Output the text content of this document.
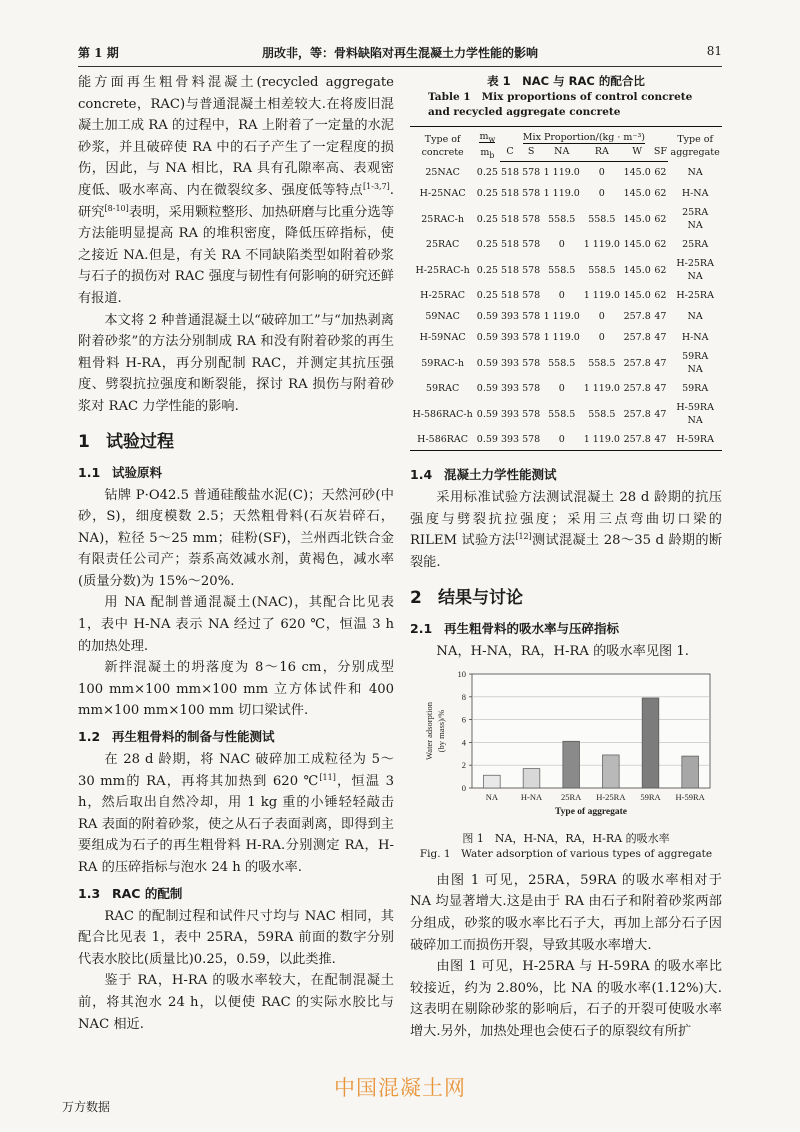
第 1 期	朋改非，等：骨料缺陷对再生混凝土力学性能的影响	81

能方面再生粗骨料混凝土(recycled aggregate concrete，RAC)与普通混凝土相差较大.在将废旧混凝土加工成 RA 的过程中，RA 上附着了一定量的水泥砂浆，并且破碎使 RA 中的石子产生了一定程度的损伤，因此，与 NA 相比，RA 具有孔隙率高、表观密度低、吸水率高、内在微裂纹多、强度低等特点[1-3,7].研究[8-10]表明，采用颗粒整形、加热研磨与比重分选等方法能明显提高 RA 的堆积密度，降低压碎指标，使之接近 NA.但是，有关 RA 不同缺陷类型如附着砂浆与石子的损伤对 RAC 强度与韧性有何影响的研究还鲜有报道.

本文将 2 种普通混凝土以“破碎加工”与“加热剥离附着砂浆”的方法分别制成 RA 和没有附着砂浆的再生粗骨料 H-RA，再分别配制 RAC，并测定其抗压强度、劈裂抗拉强度和断裂能，探讨 RA 损伤与附着砂浆对 RAC 力学性能的影响.

1 试验过程
1.1 试验原料

钻牌 P·O42.5 普通硅酸盐水泥(C)；天然河砂(中砂，S)，细度模数 2.5；天然粗骨料(石灰岩碎石，NA)，粒径 5～25 mm；硅粉(SF)，兰州西北铁合金有限责任公司产；萘系高效减水剂，黄褐色，减水率(质量分数)为 15%～20%.

用 NA 配制普通混凝土(NAC)，其配合比见表 1，表中 H-NA 表示 NA 经过了 620 ℃，恒温 3 h 的加热处理.

新拌混凝土的坍落度为 8～16 cm，分别成型 100 mm×100 mm×100 mm 立方体试件和 400 mm×100 mm×100 mm 切口梁试件.

1.2 再生粗骨料的制备与性能测试

在 28 d 龄期，将 NAC 破碎加工成粒径为 5～30 mm的 RA，再将其加热到 620 ℃[11]，恒温 3 h，然后取出自然冷却，用 1 kg 重的小锤轻轻敲击 RA 表面的附着砂浆，使之从石子表面剥离，即得到主要组成为石子的再生粗骨料 H-RA.分别测定 RA，H-RA 的压碎指标与泡水 24 h 的吸水率.

1.3 RAC 的配制

RAC 的配制过程和试件尺寸均与 NAC 相同，其配合比见表 1，表中 25RA，59RA 前面的数字分别代表水胶比(质量比)0.25，0.59，以此类推.

鉴于 RA，H-RA 的吸水率较大，在配制混凝土前，将其泡水 24 h，以便使 RAC 的实际水胶比与 NAC 相近.

表 1　NAC 与 RAC 的配合比
Table 1 Mix proportions of control concrete and recycled aggregate concrete
Type of
concrete	$m_w$
$m_b$	Mix Proportion/(kg · m⁻³)						Type of
aggregate
		C	S	NA	RA	W	SF	
25NAC	0.25	518	578	1 119.0	0	145.0	62	NA
H-25NAC	0.25	518	578	1 119.0	0	145.0	62	H-NA
25RAC-h	0.25	518	578	558.5	558.5	145.0	62	25RA
NA
25RAC	0.25	518	578	0	1 119.0	145.0	62	25RA
H-25RAC-h	0.25	518	578	558.5	558.5	145.0	62	H-25RA
NA
H-25RAC	0.25	518	578	0	1 119.0	145.0	62	H-25RA
59NAC	0.59	393	578	1 119.0	0	257.8	47	NA
H-59NAC	0.59	393	578	1 119.0	0	257.8	47	H-NA
59RAC-h	0.59	393	578	558.5	558.5	257.8	47	59RA
NA
59RAC	0.59	393	578	0	1 119.0	257.8	47	59RA
H-586RAC-h	0.59	393	578	558.5	558.5	257.8	47	H-59RA
NA
H-586RAC	0.59	393	578	0	1 119.0	257.8	47	H-59RA
1.4 混凝土力学性能测试

采用标准试验方法测试混凝土 28 d 龄期的抗压强度与劈裂抗拉强度；采用三点弯曲切口梁的 RILEM 试验方法[12]测试混凝土 28～35 d 龄期的断裂能.

2 结果与讨论
2.1 再生粗骨料的吸水率与压碎指标

NA，H-NA，RA，H-RA 的吸水率见图 1.

0
2
4
6
8
10
NA	H-NA 25RA H-25RA 59RA H-59RA
Type of aggregate
Water adsorption (by mass)/%
图 1　NA，H-NA，RA，H-RA 的吸水率
Fig. 1　Water adsorption of various types of aggregate

由图 1 可见，25RA，59RA 的吸水率相对于 NA 均显著增大.这是由于 RA 由石子和附着砂浆两部分组成，砂浆的吸水率比石子大，再加上部分石子因破碎加工而损伤开裂，导致其吸水率增大.

由图 1 可见，H-25RA 与 H-59RA 的吸水率比较接近，约为 2.80%，比 NA 的吸水率(1.12%)大.这表明在剔除砂浆的影响后，石子的开裂可使吸水率增大.另外，加热处理也会使石子的原裂纹有所扩

中国混凝土网
万方数据
